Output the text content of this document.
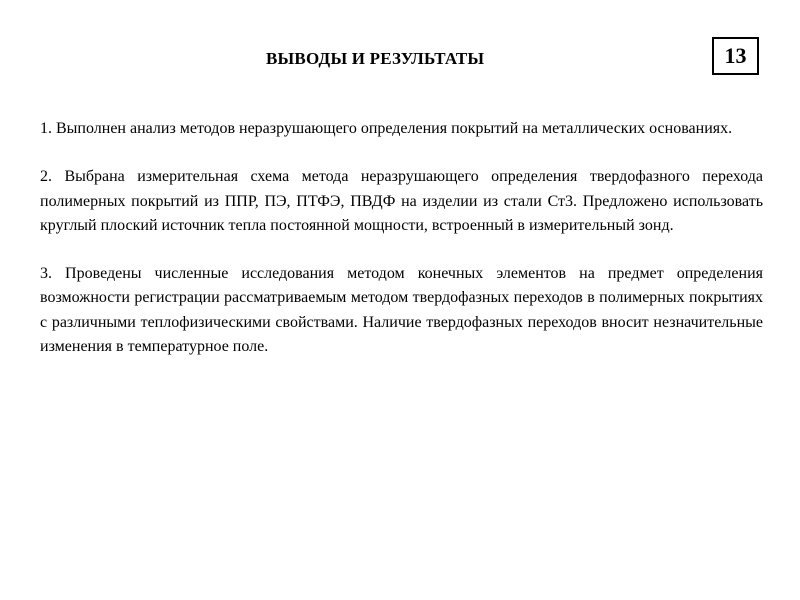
ВЫВОДЫ И РЕЗУЛЬТАТЫ	13

1. Выполнен анализ методов неразрушающего определения покрытий на металлических основаниях.

2. Выбрана измерительная схема метода неразрушающего определения твердофазного перехода полимерных покрытий из ППР, ПЭ, ПТФЭ, ПВДФ на изделии из стали Ст3. Предложено использовать круглый плоский источник тепла постоянной мощности, встроенный в измерительный зонд.

3. Проведены численные исследования методом конечных элементов на предмет определения возможности регистрации рассматриваемым методом твердофазных переходов в полимерных покрытиях с различными теплофизическими свойствами. Наличие твердофазных переходов вносит незначительные изменения в температурное поле.
